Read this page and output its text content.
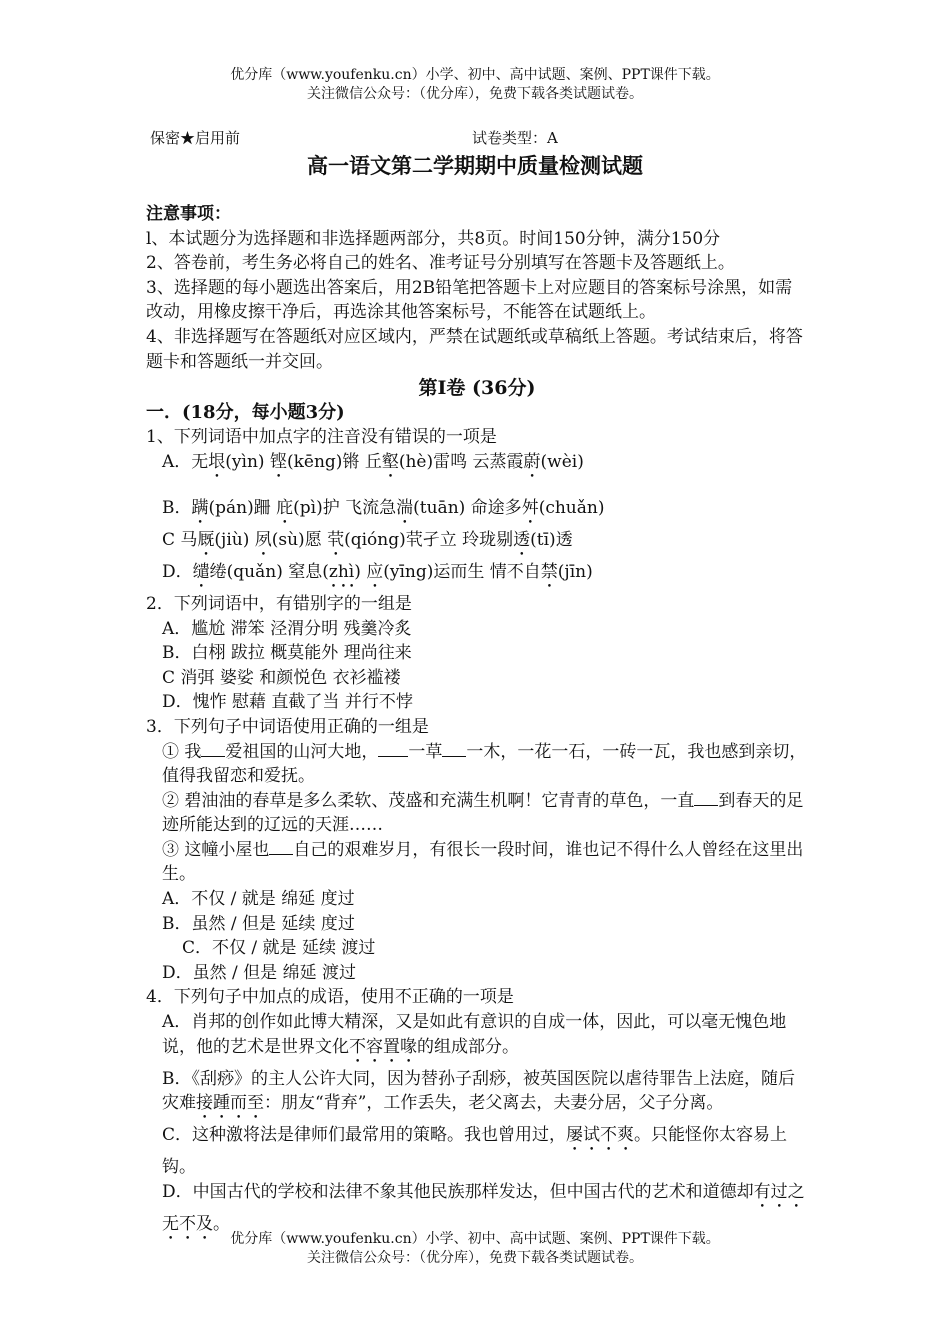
优分库（www.youfenku.cn）小学、初中、高中试题、案例、PPT课件下载。
关注微信公众号：（优分库），免费下载各类试题试卷。
保密★启用前	试卷类型：A
高一语文第二学期期中质量检测试题

注意事项：

l、本试题分为选择题和非选择题两部分，共8页。时间150分钟，满分150分

2、答卷前，考生务必将自己的姓名、准考证号分别填写在答题卡及答题纸上。

3、选择题的每小题选出答案后，用2B铅笔把答题卡上对应题目的答案标号涂黑，如需改动，用橡皮擦干净后，再选涂其他答案标号，不能答在试题纸上。

4、非选择题写在答题纸对应区域内，严禁在试题纸或草稿纸上答题。考试结束后，将答题卡和答题纸一并交回。

第Ⅰ卷 (36分)

一．(18分，每小题3分)

1、下列词语中加点字的注音没有错误的一项是

A．无垠(yìn) 铿(kēng)锵 丘壑(hè)雷鸣 云蒸霞蔚(wèi)

B．蹒(pán)跚 庇(pì)护 飞流急湍(tuān) 命途多舛(chuǎn)

C 马厩(jiù) 夙(sù)愿 茕(qióng)茕孑立 玲珑剔透(tī)透

D．缱绻(quǎn) 窒息(zhì) 应(yīng)运而生 情不自禁(jīn)

2．下列词语中，有错别字的一组是

A．尴尬 滞笨 泾渭分明 残羹冷炙

B．白栩 跋拉 概莫能外 理尚往来

C 消弭 婆娑 和颜悦色 衣衫褴褛

D．愧怍 慰藉 直截了当 并行不悖

3．下列句子中词语使用正确的一组是

① 我 爱祖国的山河大地， 一草 一木，一花一石，一砖一瓦，我也感到亲切，值得我留恋和爱抚。

② 碧油油的春草是多么柔软、茂盛和充满生机啊！它青青的草色，一直 到春天的足迹所能达到的辽远的天涯……

③ 这幢小屋也 自己的艰难岁月，有很长一段时间，谁也记不得什么人曾经在这里出生。

A．不仅 / 就是 绵延 度过

B．虽然 / 但是 延续 度过

C．不仅 / 就是 延续 渡过

D．虽然 / 但是 绵延 渡过

4．下列句子中加点的成语，使用不正确的一项是

A．肖邦的创作如此博大精深，又是如此有意识的自成一体，因此，可以毫无愧色地说，他的艺术是世界文化不容置喙的组成部分。

B．《刮痧》的主人公许大同，因为替孙子刮痧，被英国医院以虐待罪告上法庭，随后灾难接踵而至：朋友“背弃”，工作丢失，老父离去，夫妻分居，父子分离。

C．这种激将法是律师们最常用的策略。我也曾用过，屡试不爽。只能怪你太容易上钩。

D．中国古代的学校和法律不象其他民族那样发达，但中国古代的艺术和道德却有过之无不及。

优分库（www.youfenku.cn）小学、初中、高中试题、案例、PPT课件下载。
关注微信公众号：（优分库），免费下载各类试题试卷。
